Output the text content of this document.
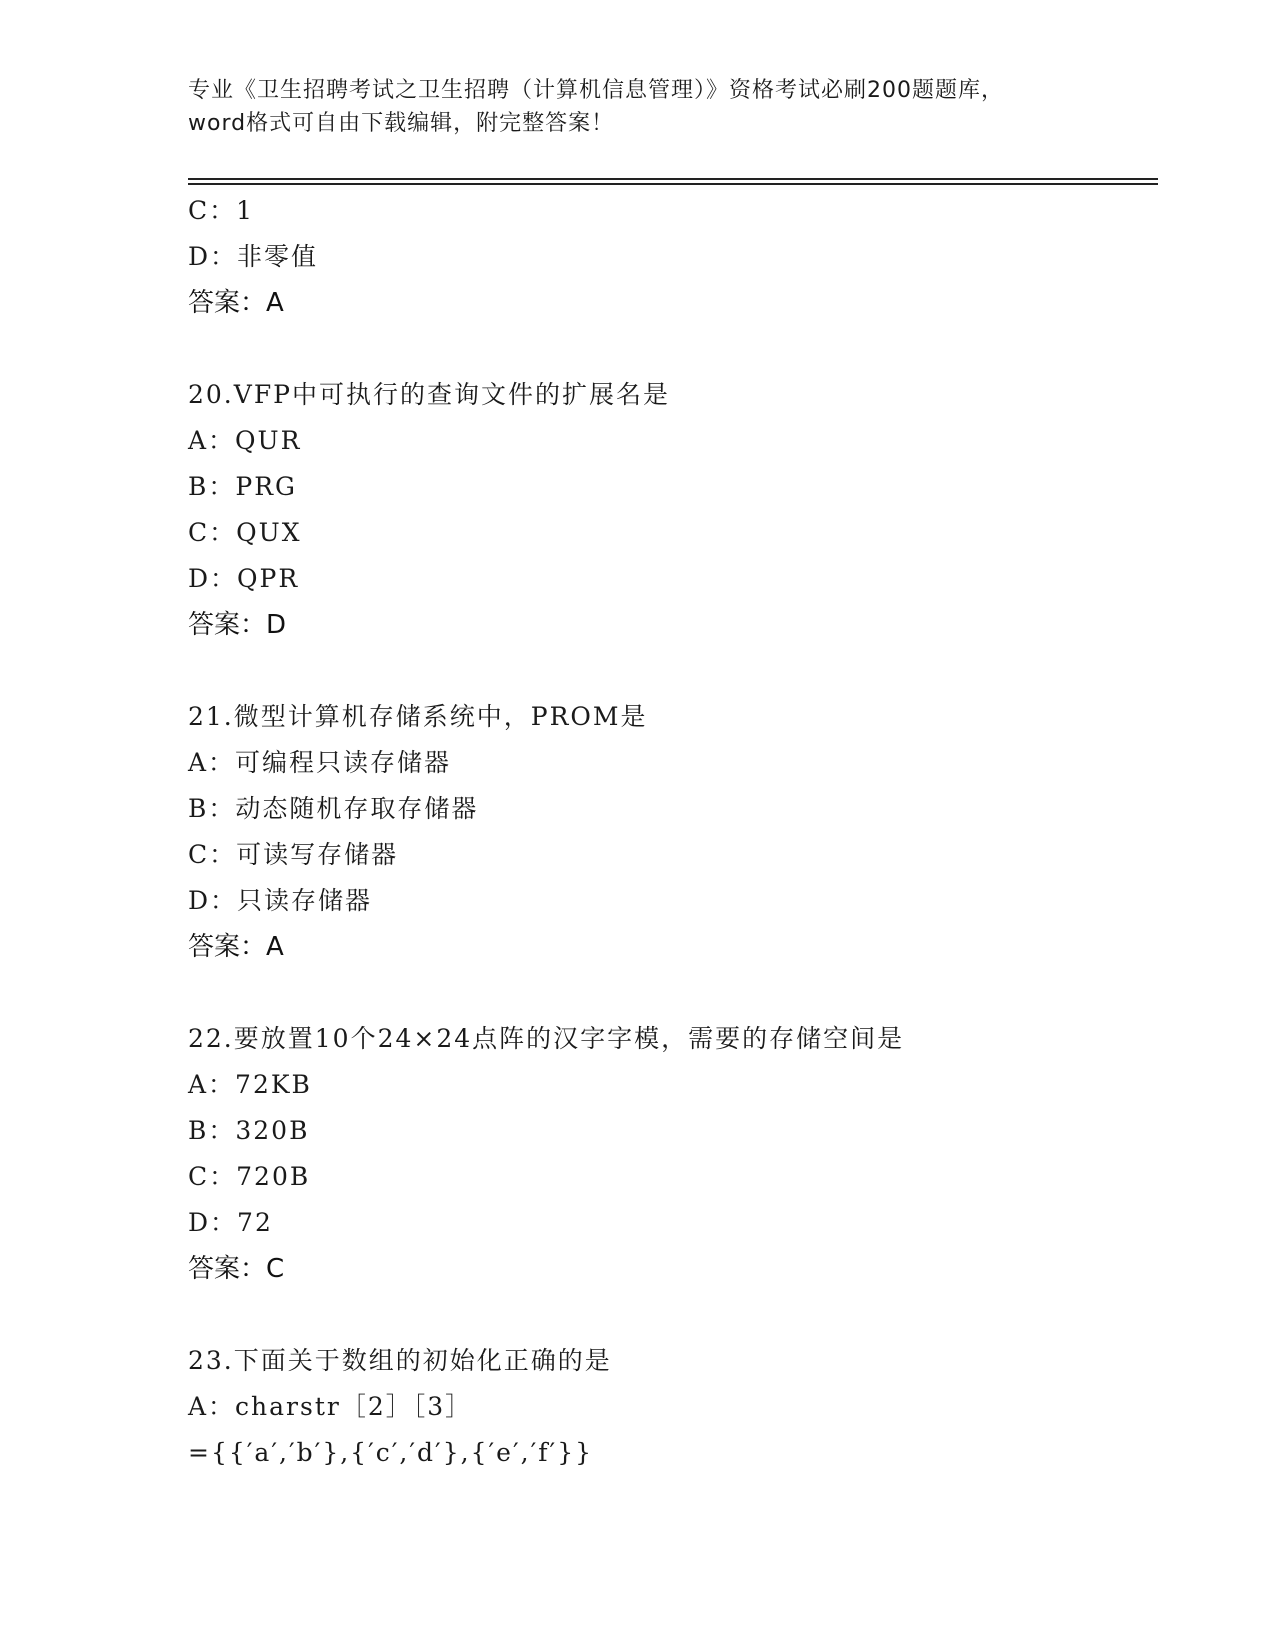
专业《卫生招聘考试之卫生招聘（计算机信息管理）》资格考试必刷200题题库，
word格式可自由下载编辑，附完整答案！
C：1
D：非零值
答案：A
20.VFP中可执行的查询文件的扩展名是
A：QUR
B：PRG
C：QUX
D：QPR
答案：D
21.微型计算机存储系统中，PROM是
A：可编程只读存储器
B：动态随机存取存储器
C：可读写存储器
D：只读存储器
答案：A
22.要放置10个24×24点阵的汉字字模，需要的存储空间是
A：72KB
B：320B
C：720B
D：72
答案：C
23.下面关于数组的初始化正确的是
A：charstr［2］［3］
={{′a′,′b′},{′c′,′d′},{′e′,′f′}}
